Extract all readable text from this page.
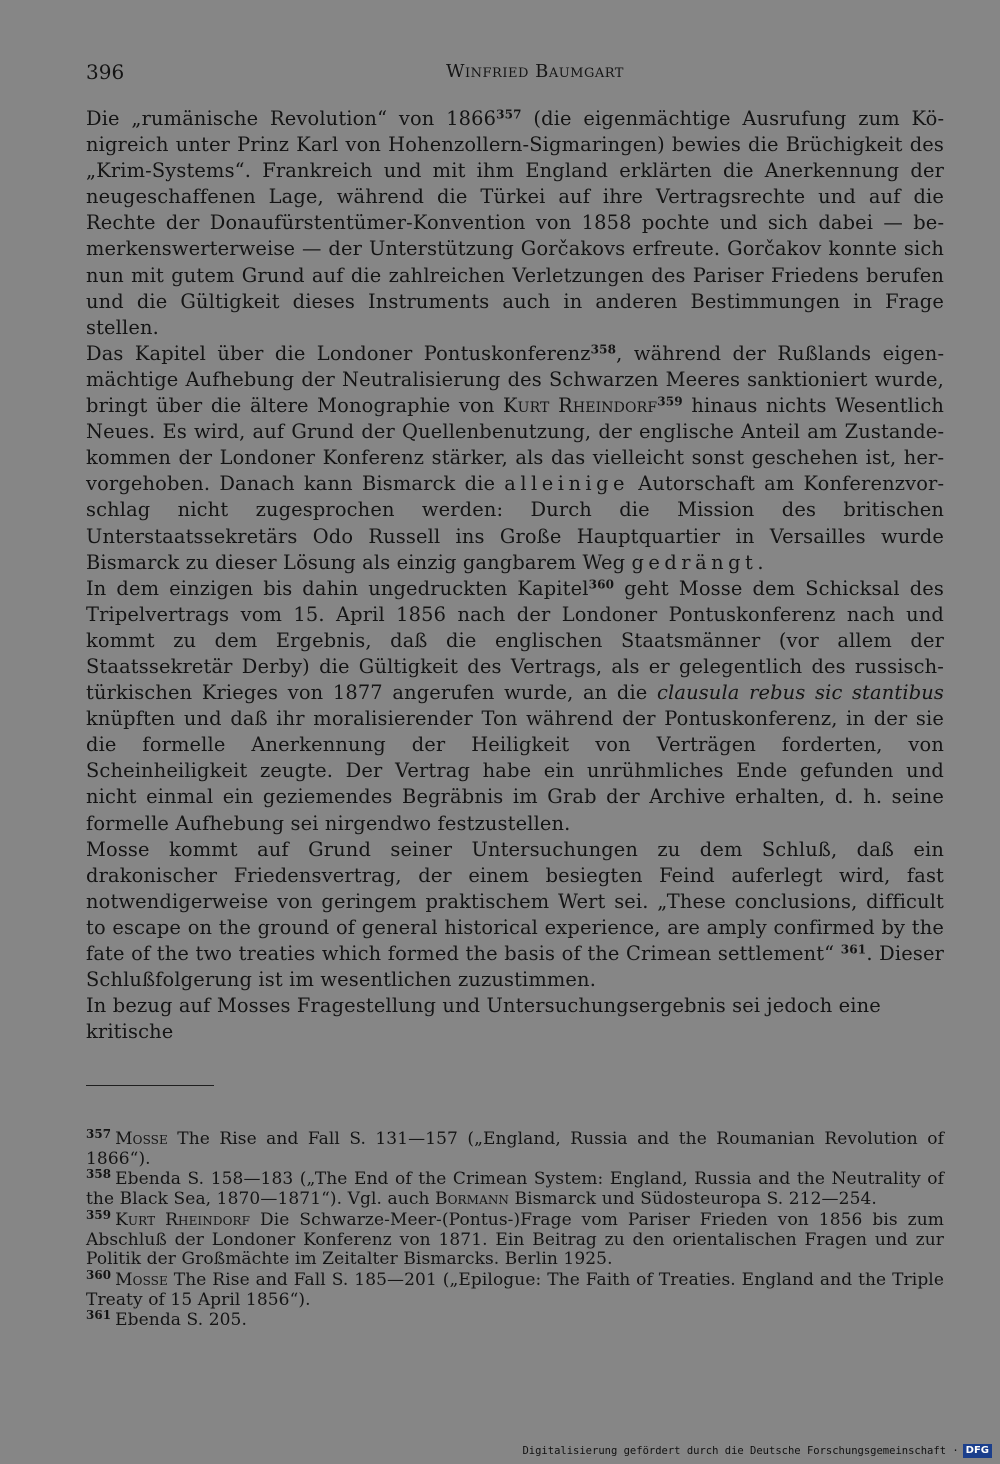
396	Winfried Baumgart

Die „rumänische Revolution“ von 1866$^{357}$ (die eigenmächtige Ausrufung zum Königreich unter Prinz Karl von Hohenzollern-Sigmaringen) bewies die Brüchigkeit des „Krim-Systems“. Frankreich und mit ihm England erklärten die Anerkennung der neugeschaffenen Lage, während die Türkei auf ihre Vertragsrechte und auf die Rechte der Donaufürstentümer-Konvention von 1858 pochte und sich dabei — bemerkenswerterweise — der Unterstützung Gorčakovs erfreute. Gorčakov konnte sich nun mit gutem Grund auf die zahlreichen Verletzungen des Pariser Friedens berufen und die Gültigkeit dieses Instruments auch in anderen Bestimmungen in Frage stellen.

Das Kapitel über die Londoner Pontuskonferenz$^{358}$, während der Rußlands eigenmächtige Aufhebung der Neutralisierung des Schwarzen Meeres sanktioniert wurde, bringt über die ältere Monographie von Kurt Rheindorf$^{359}$ hinaus nichts Wesentlich Neues. Es wird, auf Grund der Quellenbenutzung, der englische Anteil am Zustandekommen der Londoner Konferenz stärker, als das vielleicht sonst geschehen ist, hervorgehoben. Danach kann Bismarck die alleinige Autorschaft am Konferenzvorschlag nicht zugesprochen werden: Durch die Mission des britischen Unterstaatssekretärs Odo Russell ins Große Hauptquartier in Versailles wurde Bismarck zu dieser Lösung als einzig gangbarem Weg gedrängt.

In dem einzigen bis dahin ungedruckten Kapitel$^{360}$ geht Mosse dem Schicksal des Tripelvertrags vom 15. April 1856 nach der Londoner Pontuskonferenz nach und kommt zu dem Ergebnis, daß die englischen Staatsmänner (vor allem der Staatssekretär Derby) die Gültigkeit des Vertrags, als er gelegentlich des russisch-türkischen Krieges von 1877 angerufen wurde, an die clausula rebus sic stantibus knüpften und daß ihr moralisierender Ton während der Pontuskonferenz, in der sie die formelle Anerkennung der Heiligkeit von Verträgen forderten, von Scheinheiligkeit zeugte. Der Vertrag habe ein unrühmliches Ende gefunden und nicht einmal ein geziemendes Begräbnis im Grab der Archive erhalten, d. h. seine formelle Aufhebung sei nirgendwo festzustellen.

Mosse kommt auf Grund seiner Untersuchungen zu dem Schluß, daß ein drakonischer Friedensvertrag, der einem besiegten Feind auferlegt wird, fast notwendigerweise von geringem praktischem Wert sei. „These conclusions, difficult to escape on the ground of general historical experience, are amply confirmed by the fate of the two treaties which formed the basis of the Crimean settlement“ $^{361}$. Dieser Schlußfolgerung ist im wesentlichen zuzustimmen.

In bezug auf Mosses Fragestellung und Untersuchungsergebnis sei jedoch eine kritische

$^{357}$ Mosse The Rise and Fall S. 131—157 („England, Russia and the Roumanian Revolution of 1866“).

$^{358}$ Ebenda S. 158—183 („The End of the Crimean System: England, Russia and the Neutrality of the Black Sea, 1870—1871“). Vgl. auch Bormann Bismarck und Südosteuropa S. 212—254.

$^{359}$ Kurt Rheindorf Die Schwarze-Meer-(Pontus-)Frage vom Pariser Frieden von 1856 bis zum Abschluß der Londoner Konferenz von 1871. Ein Beitrag zu den orientalischen Fragen und zur Politik der Großmächte im Zeitalter Bismarcks. Berlin 1925.

$^{360}$ Mosse The Rise and Fall S. 185—201 („Epilogue: The Faith of Treaties. England and the Triple Treaty of 15 April 1856“).

$^{361}$ Ebenda S. 205.

Digitalisierung gefördert durch die Deutsche Forschungsgemeinschaft · DFG
